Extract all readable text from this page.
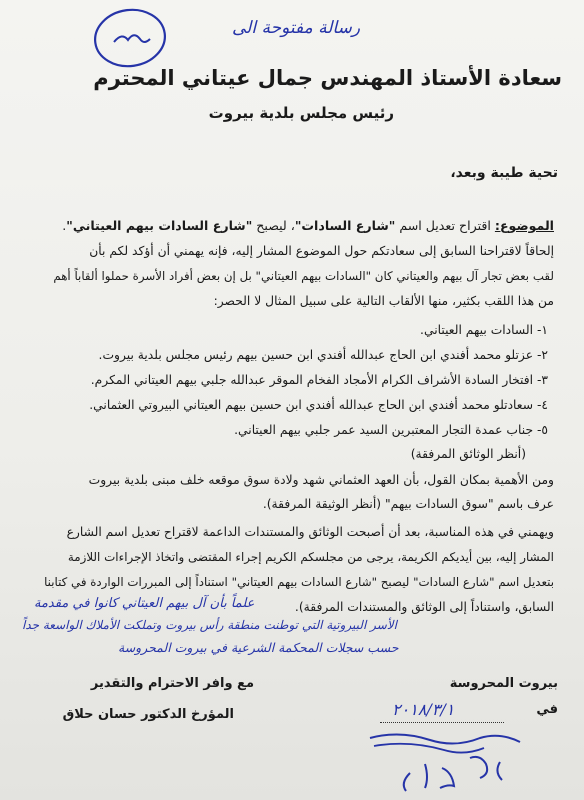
رسالة مفتوحة الى
سعادة الأستاذ المهندس جمال عيتاني المحترم
رئيس مجلس بلدية بيروت
تحية طيبة وبعد،
الموضوع: اقتراح تعديل اسم "شارع السادات"، ليصبح "شارع السادات بيهم العيتاني".
إلحاقاً لاقتراحنا السابق إلى سعادتكم حول الموضوع المشار إليه، فإنه يهمني أن أؤكد لكم بأن
لقب بعض تجار آل بيهم والعيتاني كان "السادات بيهم العيتاني" بل إن بعض أفراد الأسرة حملوا ألقاباً أهم
من هذا اللقب بكثير، منها الألقاب التالية على سبيل المثال لا الحصر:
١- السادات بيهم العيتاني.
٢- عزتلو محمد أفندي ابن الحاج عبدالله أفندي ابن حسين بيهم رئيس مجلس بلدية بيروت.
٣- افتخار السادة الأشراف الكرام الأمجاد الفخام الموقر عبدالله جلبي بيهم العيتاني المكرم.
٤- سعادتلو محمد أفندي ابن الحاج عبدالله أفندي ابن حسين بيهم العيتاني البيروتي العثماني.
٥- جناب عمدة التجار المعتبرين السيد عمر جلبي بيهم العيتاني.
(أنظر الوثائق المرفقة)
ومن الأهمية بمكان القول، بأن العهد العثماني شهد ولادة سوق موقعه خلف مبنى بلدية بيروت
عرف باسم "سوق السادات بيهم" (أنظر الوثيقة المرفقة).
ويهمني في هذه المناسبة، بعد أن أصبحت الوثائق والمستندات الداعمة لاقتراح تعديل اسم الشارع
المشار إليه، بين أيديكم الكريمة، يرجى من مجلسكم الكريم إجراء المقتضى واتخاذ الإجراءات اللازمة
بتعديل اسم "شارع السادات" ليصبح "شارع السادات بيهم العيتاني" استناداً إلى المبررات الواردة في كتابنا
السابق، واستناداً إلى الوثائق والمستندات المرفقة).
علماً بأن آل بيهم العيتاني كانوا في مقدمة
الأسر البيروتية التي توطنت منطقة رأس بيروت وتملكت الأملاك الواسعة جداً
حسب سجلات المحكمة الشرعية في بيروت المحروسة
بيروت المحروسة
مع وافر الاحترام والتقدير
المؤرخ الدكتور حسان حلاق	في
٢٠١٨/٣/١
